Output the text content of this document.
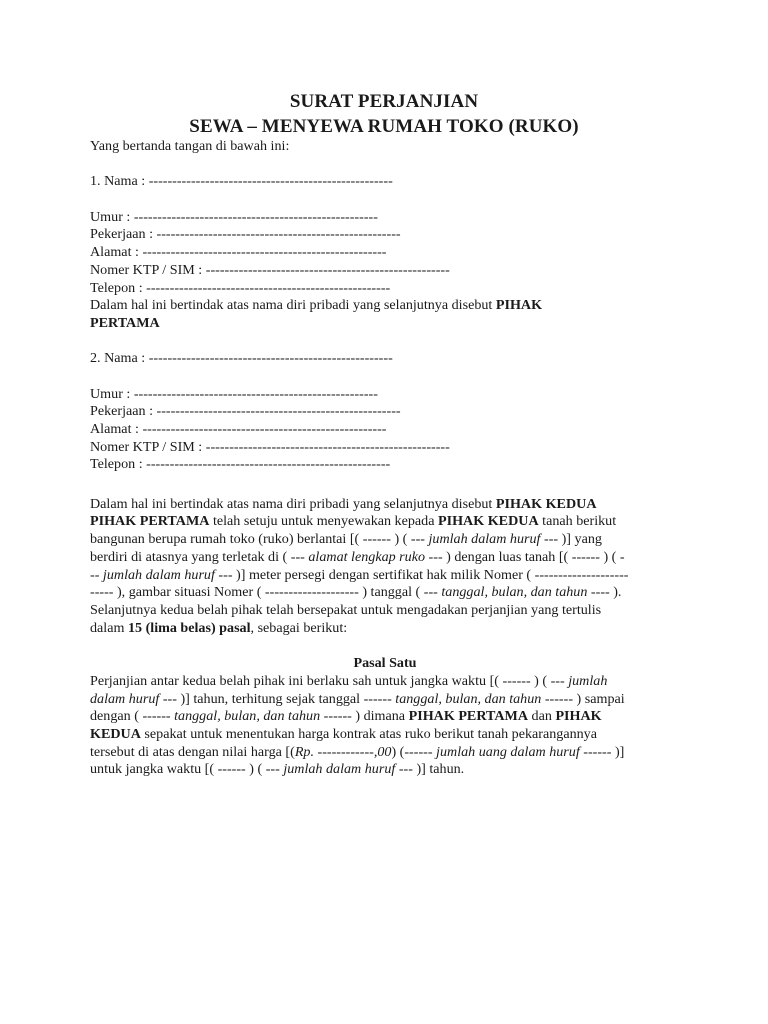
SURAT PERJANJIAN
SEWA – MENYEWA RUMAH TOKO (RUKO)
Yang bertanda tangan di bawah ini:
1. Nama : ----------------------------------------------------
Umur : ----------------------------------------------------
Pekerjaan : ----------------------------------------------------
Alamat : ----------------------------------------------------
Nomer KTP / SIM : ----------------------------------------------------
Telepon : ----------------------------------------------------
Dalam hal ini bertindak atas nama diri pribadi yang selanjutnya disebut PIHAK
PERTAMA
2. Nama : ----------------------------------------------------
Umur : ----------------------------------------------------
Pekerjaan : ----------------------------------------------------
Alamat : ----------------------------------------------------
Nomer KTP / SIM : ----------------------------------------------------
Telepon : ----------------------------------------------------
Dalam hal ini bertindak atas nama diri pribadi yang selanjutnya disebut PIHAK KEDUA
PIHAK PERTAMA telah setuju untuk menyewakan kepada PIHAK KEDUA tanah berikut
bangunan berupa rumah toko (ruko) berlantai [( ------ ) ( --- jumlah dalam huruf --- )] yang
berdiri di atasnya yang terletak di ( --- alamat lengkap ruko --- ) dengan luas tanah [( ------ ) ( -
-- jumlah dalam huruf --- )] meter persegi dengan sertifikat hak milik Nomer ( --------------------
----- ), gambar situasi Nomer ( -------------------- ) tanggal ( --- tanggal, bulan, dan tahun ---- ).
Selanjutnya kedua belah pihak telah bersepakat untuk mengadakan perjanjian yang tertulis
dalam 15 (lima belas) pasal, sebagai berikut:
Pasal Satu
Perjanjian antar kedua belah pihak ini berlaku sah untuk jangka waktu [( ------ ) ( --- jumlah
dalam huruf --- )] tahun, terhitung sejak tanggal ------ tanggal, bulan, dan tahun ------ ) sampai
dengan ( ------ tanggal, bulan, dan tahun ------ ) dimana PIHAK PERTAMA dan PIHAK
KEDUA sepakat untuk menentukan harga kontrak atas ruko berikut tanah pekarangannya
tersebut di atas dengan nilai harga [(Rp. ------------,00) (------ jumlah uang dalam huruf ------ )]
untuk jangka waktu [( ------ ) ( --- jumlah dalam huruf --- )] tahun.
